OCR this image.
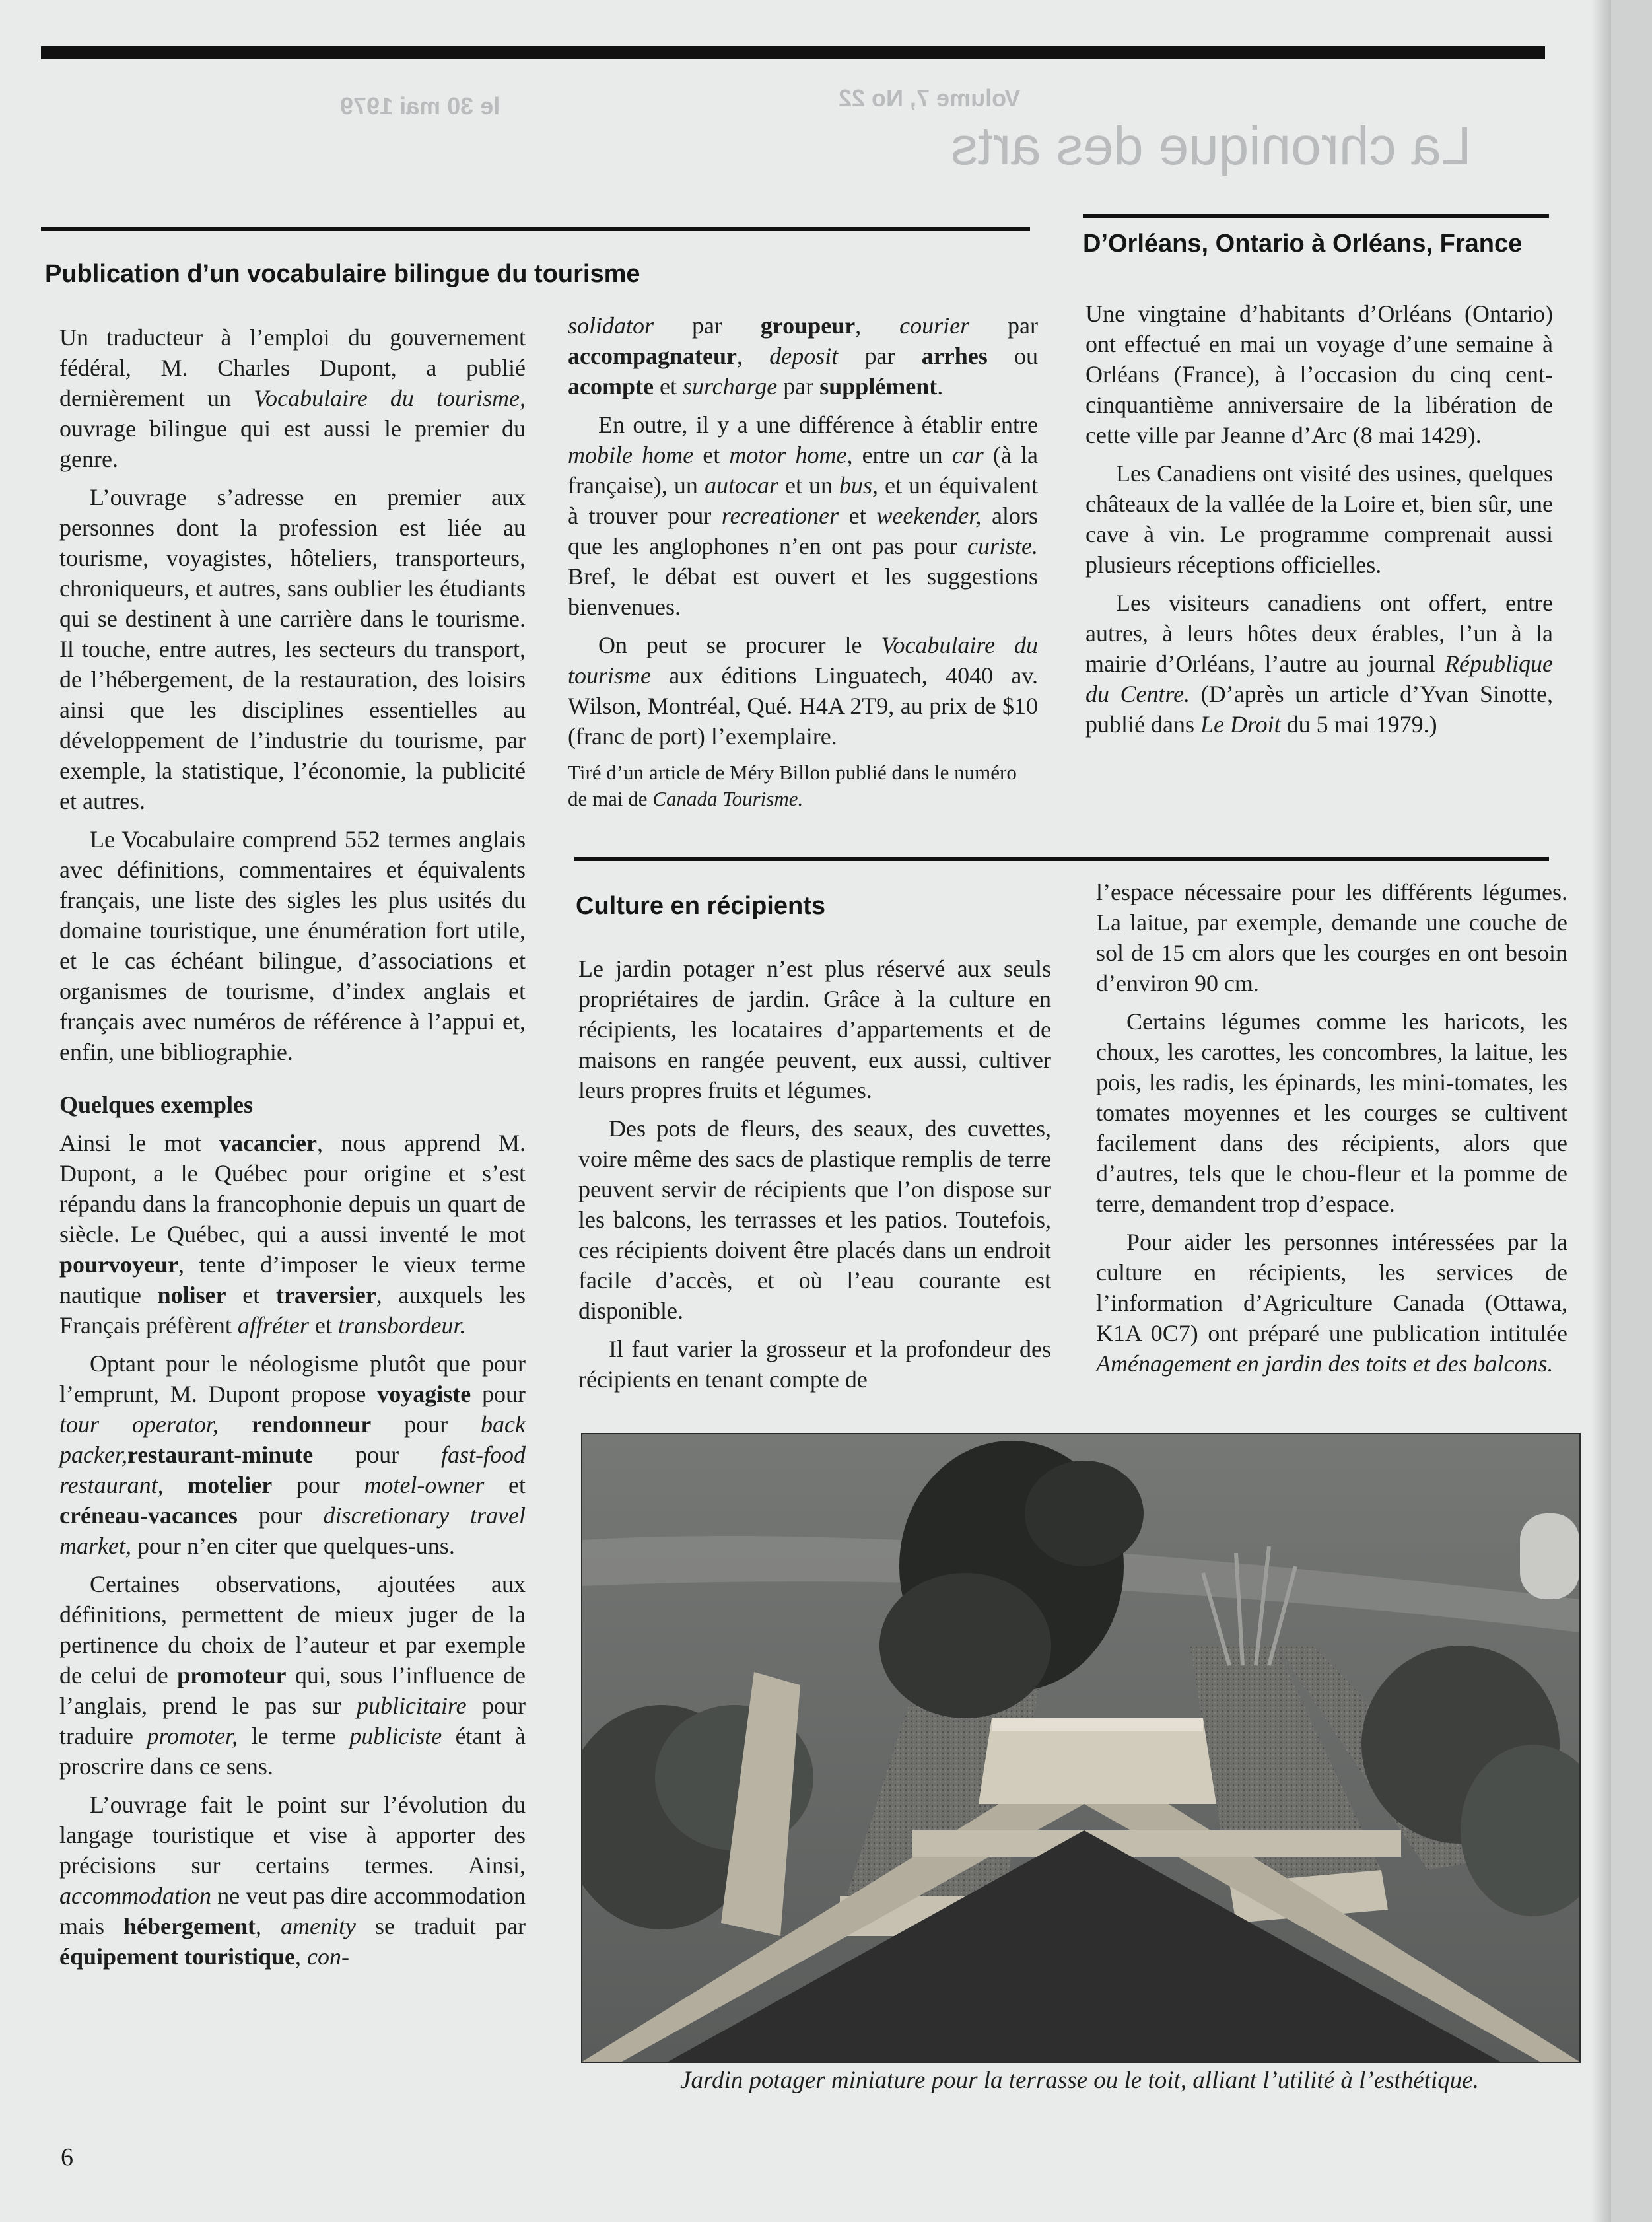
La chronique des arts
Volume 7, No 22
le 30 mai 1979
Publication d’un vocabulaire bilingue du tourisme
D’Orléans, Ontario à Orléans, France
Culture en récipients

Un traducteur à l’emploi du gouvernement fédéral, M. Charles Dupont, a publié dernièrement un Vocabulaire du tourisme, ouvrage bilingue qui est aussi le premier du genre.

L’ouvrage s’adresse en premier aux personnes dont la profession est liée au tourisme, voyagistes, hôteliers, transporteurs, chroniqueurs, et autres, sans oublier les étudiants qui se destinent à une carrière dans le tourisme. Il touche, entre autres, les secteurs du transport, de l’hébergement, de la restauration, des loisirs ainsi que les disciplines essentielles au développement de l’industrie du tourisme, par exemple, la statistique, l’économie, la publicité et autres.

Le Vocabulaire comprend 552 termes anglais avec définitions, commentaires et équivalents français, une liste des sigles les plus usités du domaine touristique, une énumération fort utile, et le cas échéant bilingue, d’associations et organismes de tourisme, d’index anglais et français avec numéros de référence à l’appui et, enfin, une bibliographie.

Quelques exemples

Ainsi le mot vacancier, nous apprend M. Dupont, a le Québec pour origine et s’est répandu dans la francophonie depuis un quart de siècle. Le Québec, qui a aussi inventé le mot pourvoyeur, tente d’imposer le vieux terme nautique noliser et traversier, auxquels les Français préfèrent affréter et transbordeur.

Optant pour le néologisme plutôt que pour l’emprunt, M. Dupont propose voyagiste pour tour operator, rendonneur pour back packer,restaurant-minute pour fast-food restaurant, motelier pour motel-owner et créneau-vacances pour discretionary travel market, pour n’en citer que quelques-uns.

Certaines observations, ajoutées aux définitions, permettent de mieux juger de la pertinence du choix de l’auteur et par exemple de celui de promoteur qui, sous l’influence de l’anglais, prend le pas sur publicitaire pour traduire promoter, le terme publiciste étant à proscrire dans ce sens.

L’ouvrage fait le point sur l’évolution du langage touristique et vise à apporter des précisions sur certains termes. Ainsi, accommodation ne veut pas dire accommodation mais hébergement, amenity se traduit par équipement touristique, con-

solidator par groupeur, courier par accompagnateur, deposit par arrhes ou acompte et surcharge par supplément.

En outre, il y a une différence à établir entre mobile home et motor home, entre un car (à la française), un autocar et un bus, et un équivalent à trouver pour recreationer et weekender, alors que les anglophones n’en ont pas pour curiste. Bref, le débat est ouvert et les suggestions bienvenues.

On peut se procurer le Vocabulaire du tourisme aux éditions Linguatech, 4040 av. Wilson, Montréal, Qué. H4A 2T9, au prix de $10 (franc de port) l’exemplaire.

Tiré d’un article de Méry Billon publié dans le numéro de mai de Canada Tourisme.

Une vingtaine d’habitants d’Orléans (Ontario) ont effectué en mai un voyage d’une semaine à Orléans (France), à l’occasion du cinq cent-cinquantième anniversaire de la libération de cette ville par Jeanne d’Arc (8 mai 1429).

Les Canadiens ont visité des usines, quelques châteaux de la vallée de la Loire et, bien sûr, une cave à vin. Le programme comprenait aussi plusieurs réceptions officielles.

Les visiteurs canadiens ont offert, entre autres, à leurs hôtes deux érables, l’un à la mairie d’Orléans, l’autre au journal République du Centre. (D’après un article d’Yvan Sinotte, publié dans Le Droit du 5 mai 1979.)

Le jardin potager n’est plus réservé aux seuls propriétaires de jardin. Grâce à la culture en récipients, les locataires d’appartements et de maisons en rangée peuvent, eux aussi, cultiver leurs propres fruits et légumes.

Des pots de fleurs, des seaux, des cuvettes, voire même des sacs de plastique remplis de terre peuvent servir de récipients que l’on dispose sur les balcons, les terrasses et les patios. Toutefois, ces récipients doivent être placés dans un endroit facile d’accès, et où l’eau courante est disponible.

Il faut varier la grosseur et la profondeur des récipients en tenant compte de

l’espace nécessaire pour les différents légumes. La laitue, par exemple, demande une couche de sol de 15 cm alors que les courges en ont besoin d’environ 90 cm.

Certains légumes comme les haricots, les choux, les carottes, les concombres, la laitue, les pois, les radis, les épinards, les mini-tomates, les tomates moyennes et les courges se cultivent facilement dans des récipients, alors que d’autres, tels que le chou-fleur et la pomme de terre, demandent trop d’espace.

Pour aider les personnes intéressées par la culture en récipients, les services de l’information d’Agriculture Canada (Ottawa, K1A 0C7) ont préparé une publication intitulée Aménagement en jardin des toits et des balcons.

Jardin potager miniature pour la terrasse ou le toit, alliant l’utilité à l’esthétique.
6
